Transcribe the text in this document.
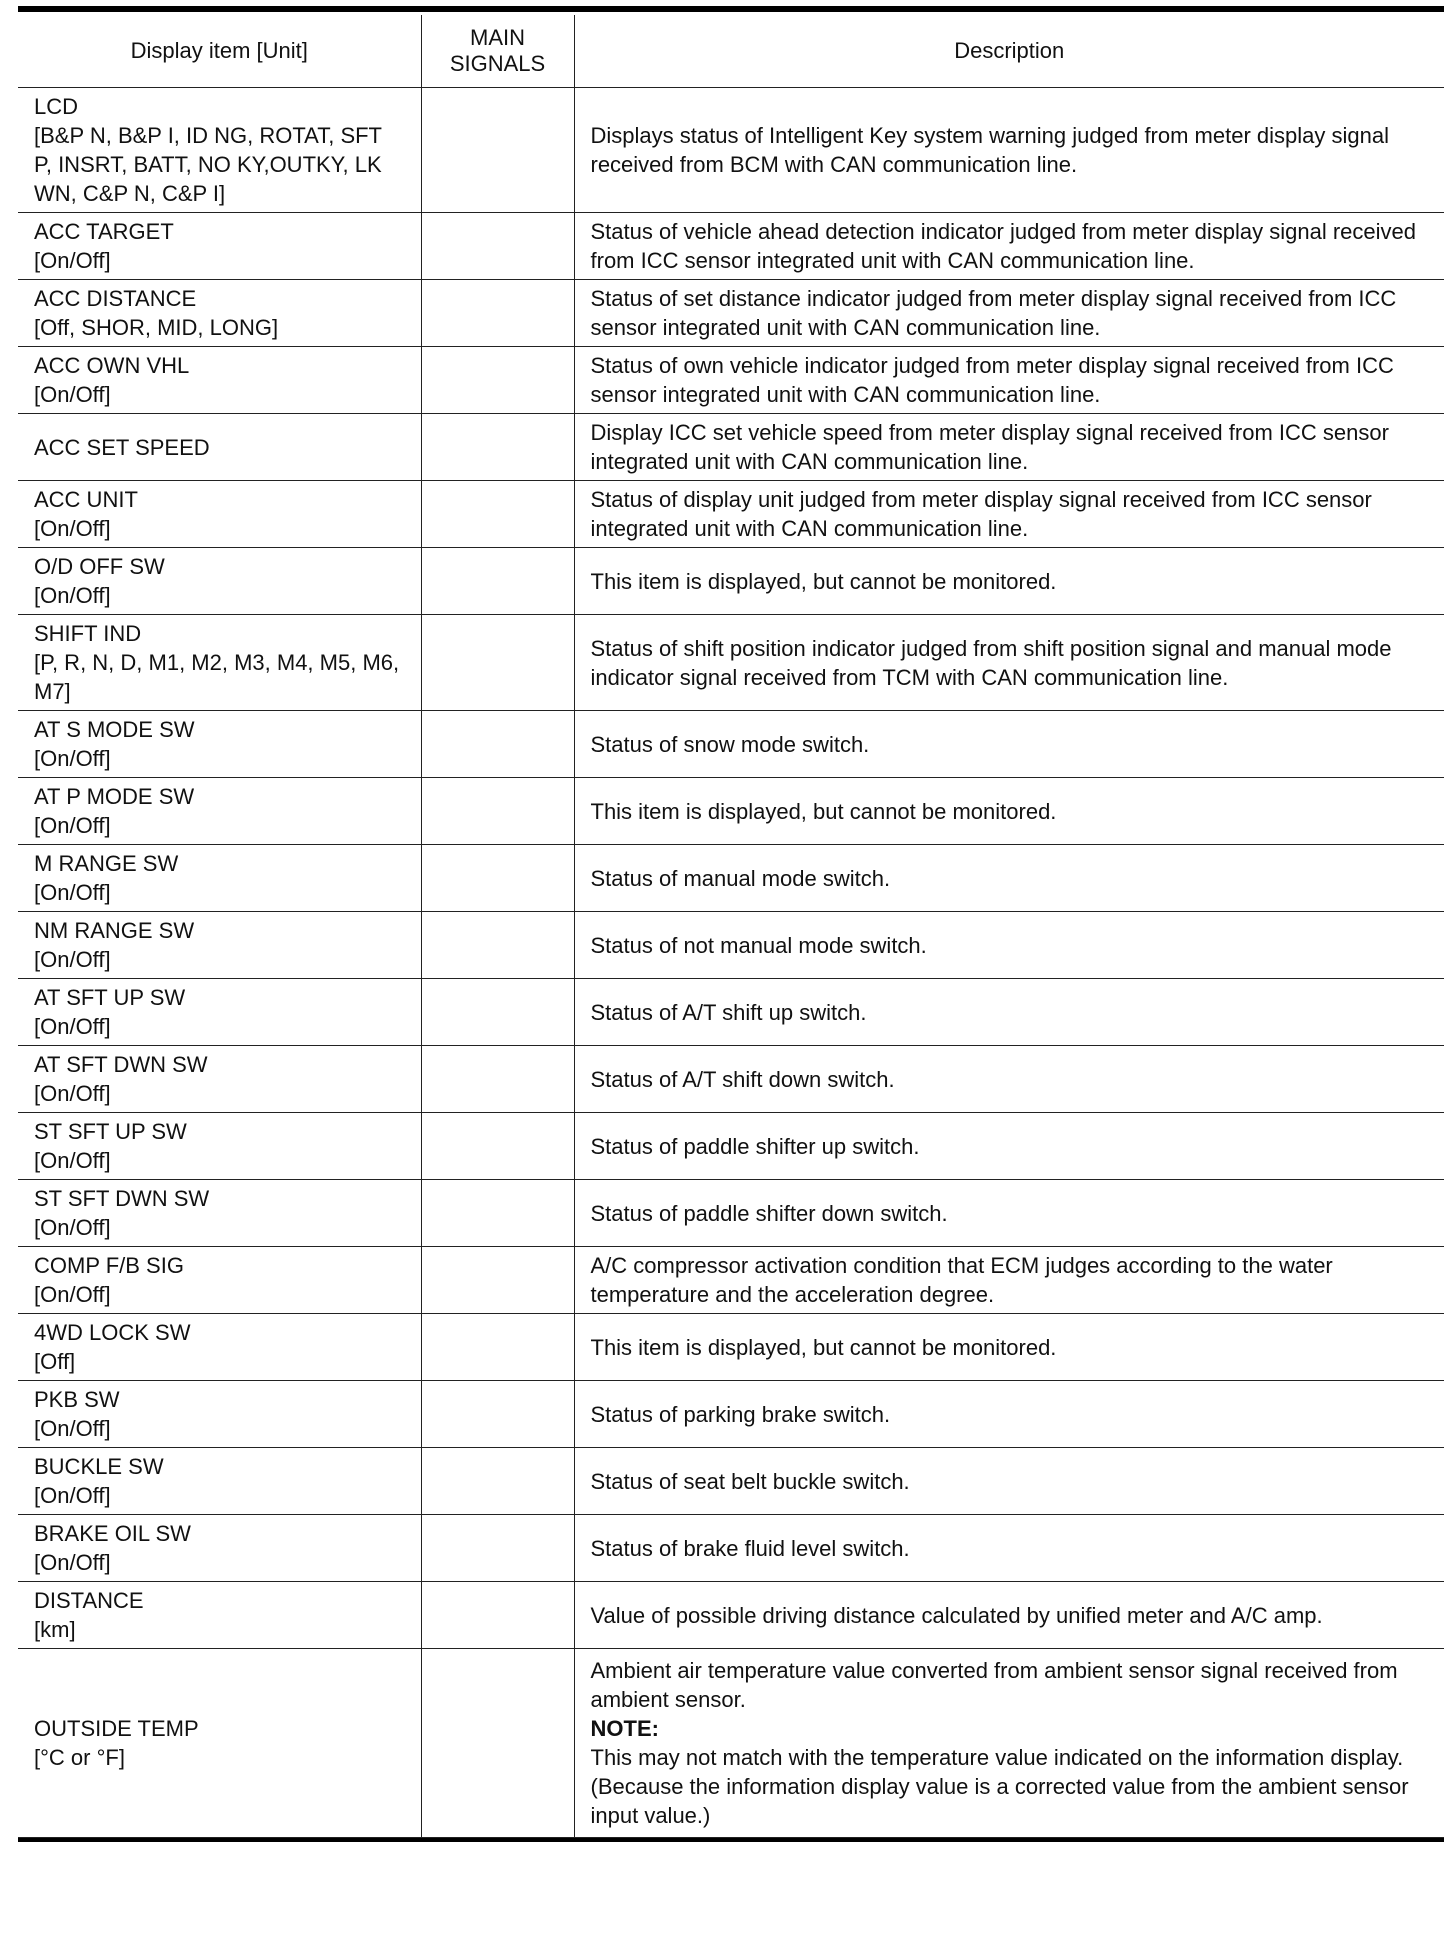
Display item [Unit]	MAIN SIGNALS	Description

LCD
[B&P N, B&P I, ID NG, ROTAT, SFT P, INSRT, BATT, NO KY,OUTKY, LK WN, C&P N, C&P I]		Displays status of Intelligent Key system warning judged from meter display signal received from BCM with CAN communication line.

ACC TARGET
[On/Off]		Status of vehicle ahead detection indicator judged from meter display signal received from ICC sensor integrated unit with CAN communication line.

ACC DISTANCE
[Off, SHOR, MID, LONG]		Status of set distance indicator judged from meter display signal received from ICC sensor integrated unit with CAN communication line.

ACC OWN VHL
[On/Off]		Status of own vehicle indicator judged from meter display signal received from ICC sensor integrated unit with CAN communication line.

ACC SET SPEED		Display ICC set vehicle speed from meter display signal received from ICC sensor integrated unit with CAN communication line.

ACC UNIT
[On/Off]		Status of display unit judged from meter display signal received from ICC sensor integrated unit with CAN communication line.

O/D OFF SW
[On/Off]		This item is displayed, but cannot be monitored.

SHIFT IND
[P, R, N, D, M1, M2, M3, M4, M5, M6, M7]		Status of shift position indicator judged from shift position signal and manual mode indicator signal received from TCM with CAN communication line.

AT S MODE SW
[On/Off]		Status of snow mode switch.

AT P MODE SW
[On/Off]		This item is displayed, but cannot be monitored.

M RANGE SW
[On/Off]		Status of manual mode switch.

NM RANGE SW
[On/Off]		Status of not manual mode switch.

AT SFT UP SW
[On/Off]		Status of A/T shift up switch.

AT SFT DWN SW
[On/Off]		Status of A/T shift down switch.

ST SFT UP SW
[On/Off]		Status of paddle shifter up switch.

ST SFT DWN SW
[On/Off]		Status of paddle shifter down switch.

COMP F/B SIG
[On/Off]		A/C compressor activation condition that ECM judges according to the water temperature and the acceleration degree.

4WD LOCK SW
[Off]		This item is displayed, but cannot be monitored.

PKB SW
[On/Off]		Status of parking brake switch.

BUCKLE SW
[On/Off]		Status of seat belt buckle switch.

BRAKE OIL SW
[On/Off]		Status of brake fluid level switch.

DISTANCE
[km]		Value of possible driving distance calculated by unified meter and A/C amp.

OUTSIDE TEMP
[°C or °F]		Ambient air temperature value converted from ambient sensor signal received from ambient sensor.
NOTE:
This may not match with the temperature value indicated on the information display. (Because the information display value is a corrected value from the ambient sensor input value.)
